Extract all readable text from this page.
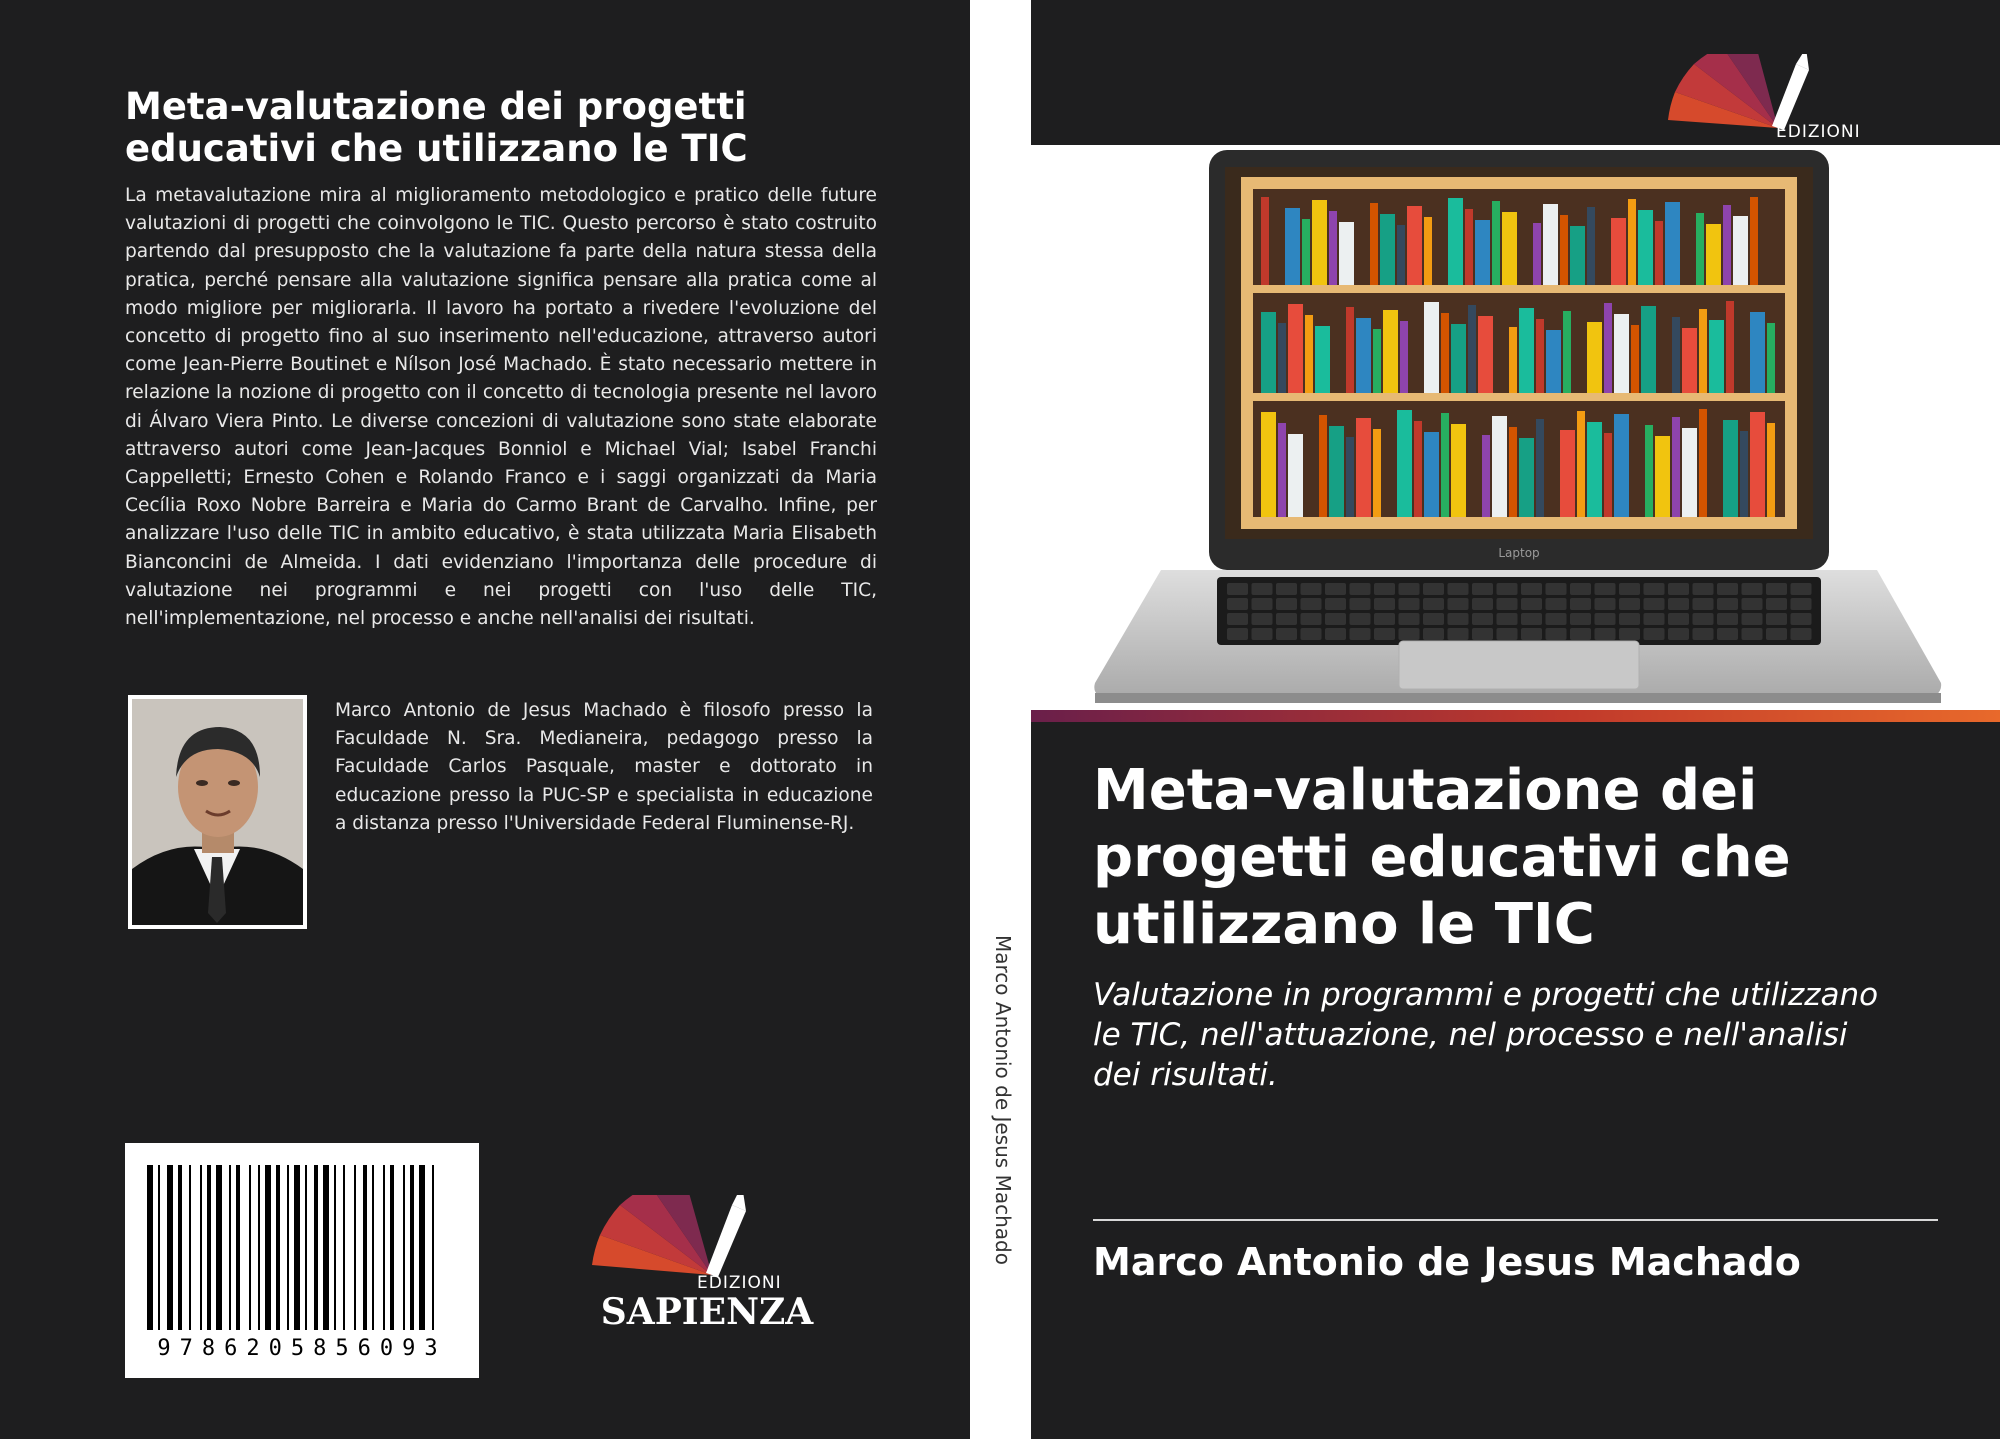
Meta-valutazione dei progetti educativi che utilizzano le TIC

La metavalutazione mira al miglioramento metodologico e pratico delle future valutazioni di progetti che coinvolgono le TIC. Questo percorso è stato costruito partendo dal presupposto che la valutazione fa parte della natura stessa della pratica, perché pensare alla valutazione significa pensare alla pratica come al modo migliore per migliorarla. Il lavoro ha portato a rivedere l'evoluzione del concetto di progetto fino al suo inserimento nell'educazione, attraverso autori come Jean-Pierre Boutinet e Nílson José Machado. È stato necessario mettere in relazione la nozione di progetto con il concetto di tecnologia presente nel lavoro di Álvaro Viera Pinto. Le diverse concezioni di valutazione sono state elaborate attraverso autori come Jean-Jacques Bonniol e Michael Vial; Isabel Franchi Cappelletti; Ernesto Cohen e Rolando Franco e i saggi organizzati da Maria Cecília Roxo Nobre Barreira e Maria do Carmo Brant de Carvalho. Infine, per analizzare l'uso delle TIC in ambito educativo, è stata utilizzata Maria Elisabeth Bianconcini de Almeida. I dati evidenziano l'importanza delle procedure di valutazione nei programmi e nei progetti con l'uso delle TIC, nell'implementazione, nel processo e anche nell'analisi dei risultati.

Marco Antonio de Jesus Machado è filosofo presso la Faculdade N. Sra. Medianeira, pedagogo presso la Faculdade Carlos Pasquale, master e dottorato in educazione presso la PUC-SP e specialista in educazione a distanza presso l'Universidade Federal Fluminense-RJ.

9786205856093
EDIZIONI
SAPIENZA
Marco Antonio de Jesus Machado
EDIZIONI
Laptop
Meta-valutazione dei progetti educativi che utilizzano le TIC

Valutazione in programmi e progetti che utilizzano le TIC, nell'attuazione, nel processo e nell'analisi dei risultati.

Marco Antonio de Jesus Machado
